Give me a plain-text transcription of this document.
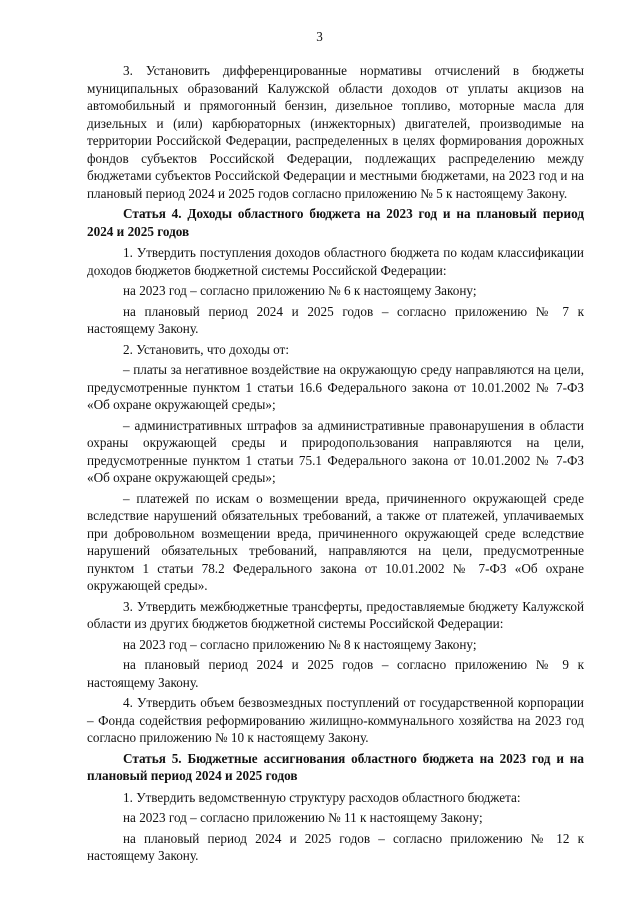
3

3. Установить дифференцированные нормативы отчислений в бюджеты муниципальных образований Калужской области доходов от уплаты акцизов на автомобильный и прямогонный бензин, дизельное топливо, моторные масла для дизельных и (или) карбюраторных (инжекторных) двигателей, производимые на территории Российской Федерации, распределенных в целях формирования дорожных фондов субъектов Российской Федерации, подлежащих распределению между бюджетами субъектов Российской Федерации и местными бюджетами, на 2023 год и на плановый период 2024 и 2025 годов согласно приложению № 5 к настоящему Закону.

Статья 4. Доходы областного бюджета на 2023 год и на плановый период 2024 и 2025 годов

1. Утвердить поступления доходов областного бюджета по кодам классификации доходов бюджетов бюджетной системы Российской Федерации:

на 2023 год – согласно приложению № 6 к настоящему Закону;

на плановый период 2024 и 2025 годов – согласно приложению № 7 к настоящему Закону.

2. Установить, что доходы от:

– платы за негативное воздействие на окружающую среду направляются на цели, предусмотренные пунктом 1 статьи 16.6 Федерального закона от 10.01.2002 № 7-ФЗ «Об охране окружающей среды»;

– административных штрафов за административные правонарушения в области охраны окружающей среды и природопользования направляются на цели, предусмотренные пунктом 1 статьи 75.1 Федерального закона от 10.01.2002 № 7-ФЗ «Об охране окружающей среды»;

– платежей по искам о возмещении вреда, причиненного окружающей среде вследствие нарушений обязательных требований, а также от платежей, уплачиваемых при добровольном возмещении вреда, причиненного окружающей среде вследствие нарушений обязательных требований, направляются на цели, предусмотренные пунктом 1 статьи 78.2 Федерального закона от 10.01.2002 № 7-ФЗ «Об охране окружающей среды».

3. Утвердить межбюджетные трансферты, предоставляемые бюджету Калужской области из других бюджетов бюджетной системы Российской Федерации:

на 2023 год – согласно приложению № 8 к настоящему Закону;

на плановый период 2024 и 2025 годов – согласно приложению № 9 к настоящему Закону.

4. Утвердить объем безвозмездных поступлений от государственной корпорации – Фонда содействия реформированию жилищно-коммунального хозяйства на 2023 год согласно приложению № 10 к настоящему Закону.

Статья 5. Бюджетные ассигнования областного бюджета на 2023 год и на плановый период 2024 и 2025 годов

1. Утвердить ведомственную структуру расходов областного бюджета:

на 2023 год – согласно приложению № 11 к настоящему Закону;

на плановый период 2024 и 2025 годов – согласно приложению № 12 к настоящему Закону.
